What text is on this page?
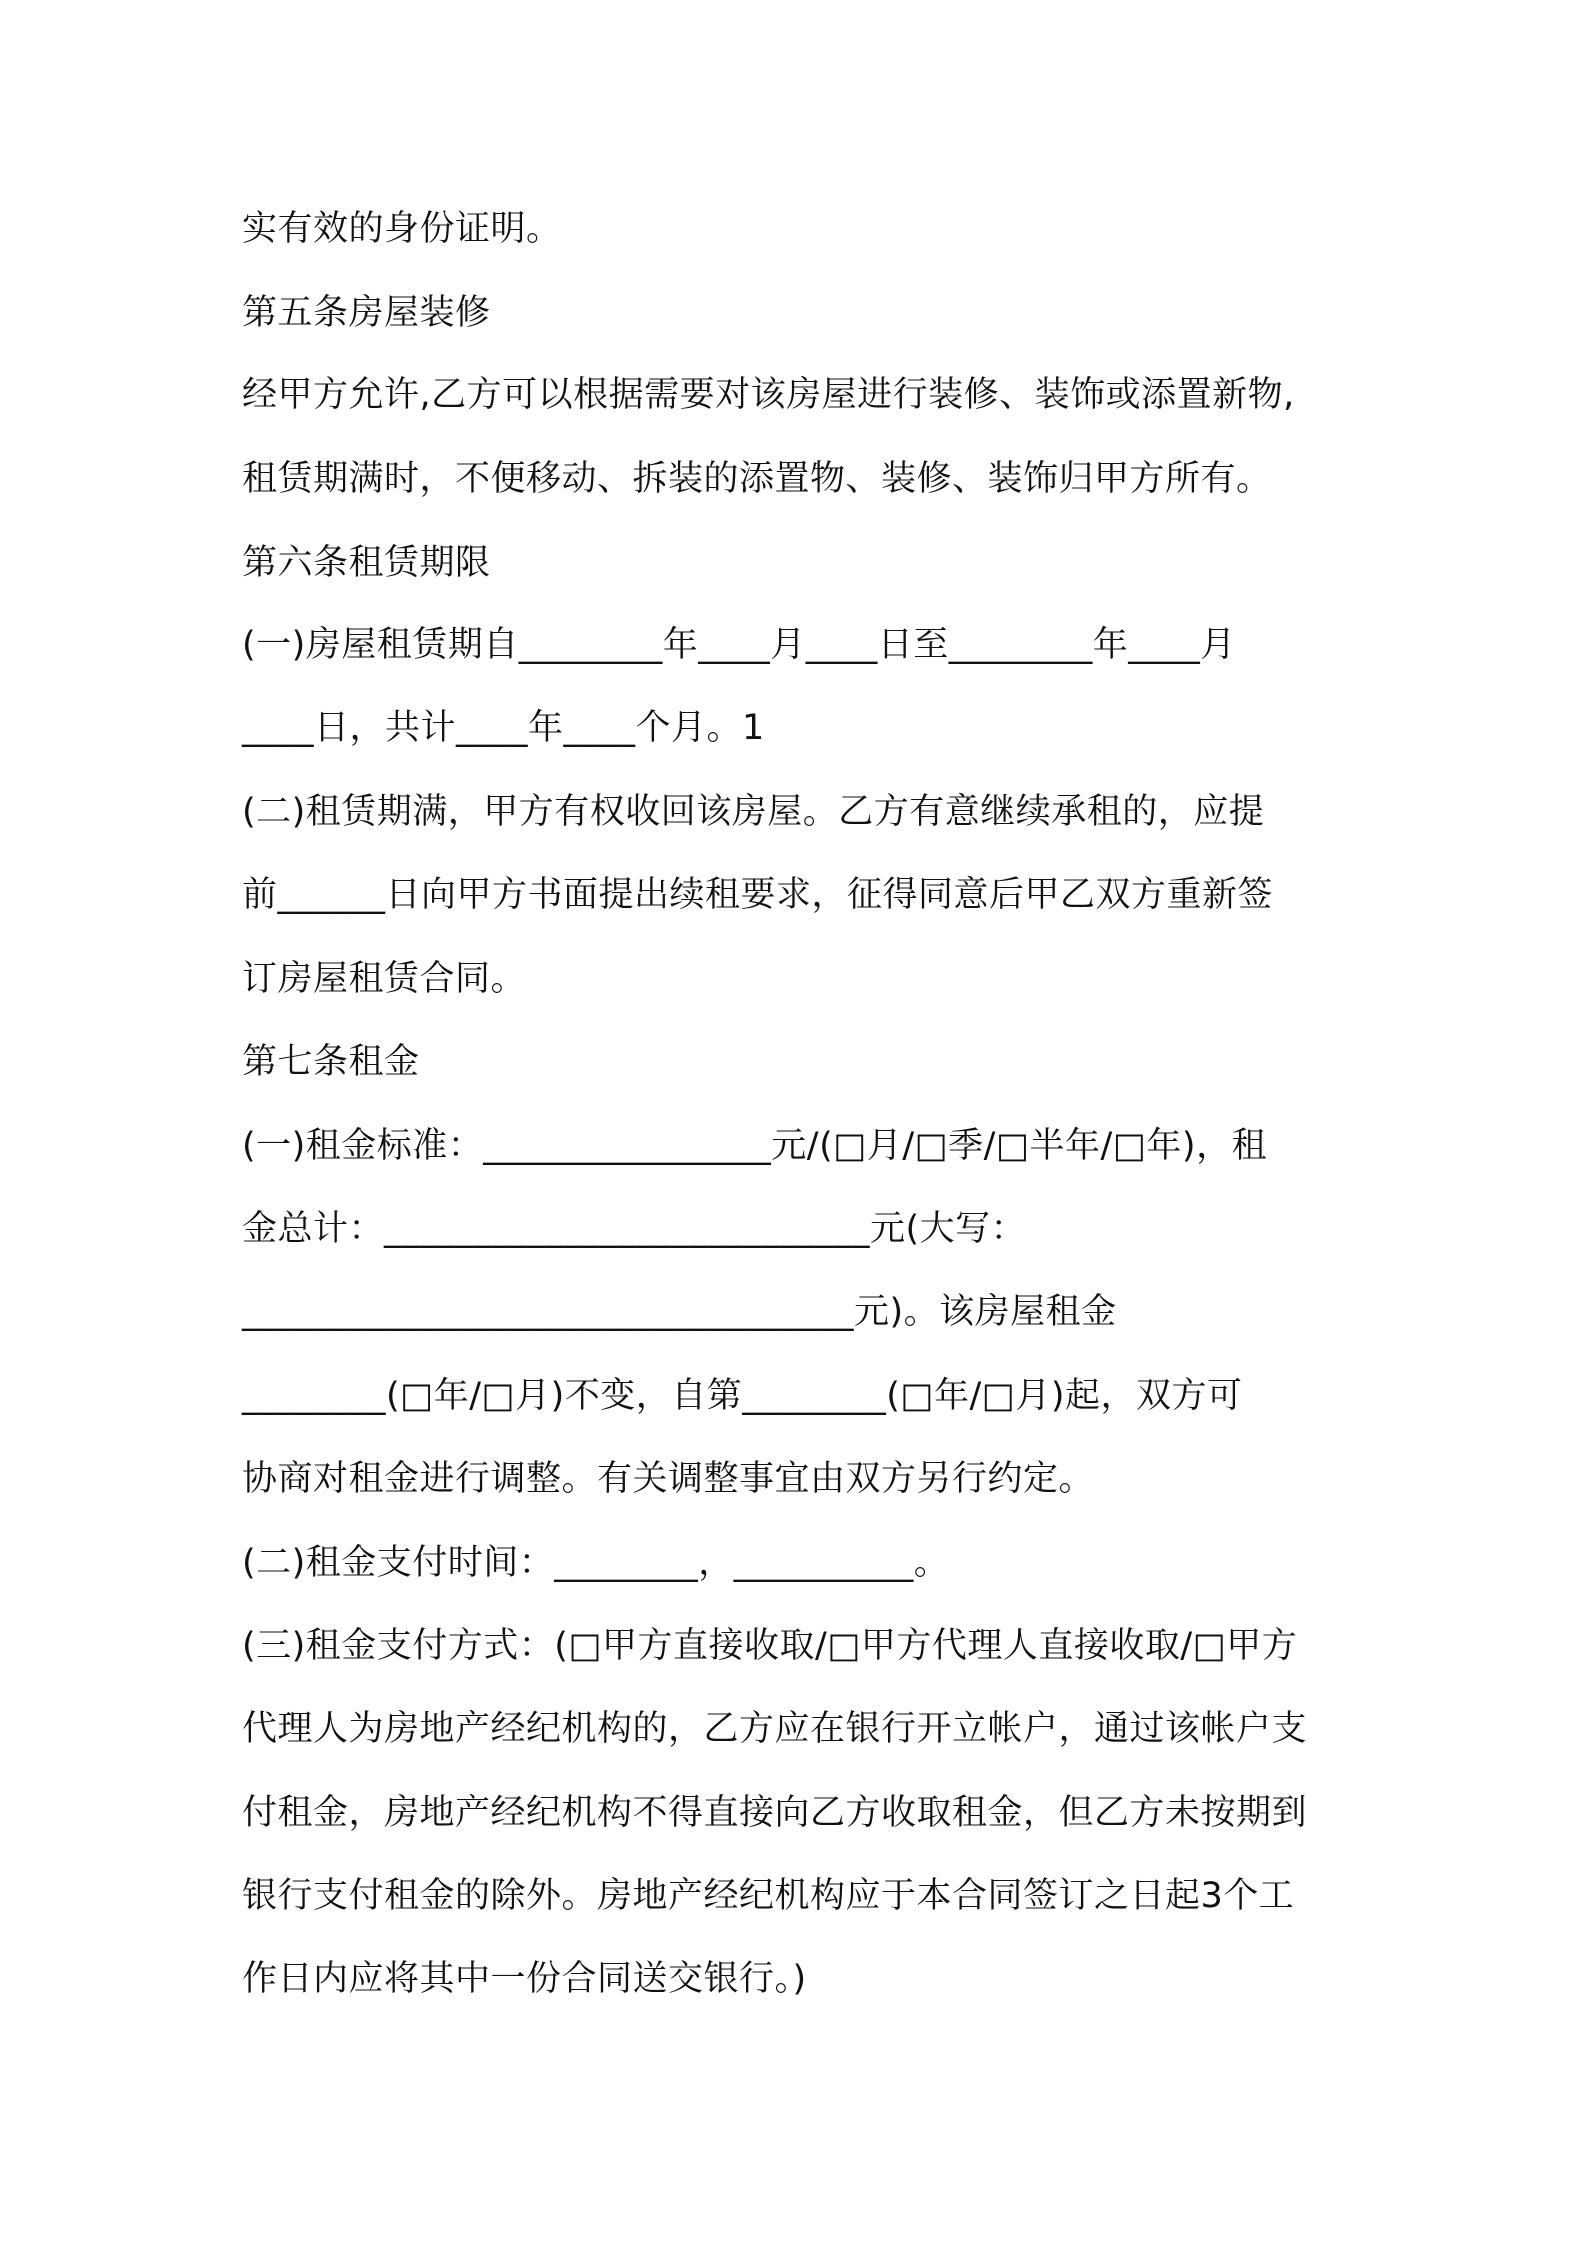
实有效的身份证明。
第五条房屋装修
经甲方允许,乙方可以根据需要对该房屋进行装修、装饰或添置新物,
租赁期满时，不便移动、拆装的添置物、装修、装饰归甲方所有。
第六条租赁期限
(一)房屋租赁期自________年____月____日至________年____月
____日，共计____年____个月。1
(二)租赁期满，甲方有权收回该房屋。乙方有意继续承租的，应提
前______日向甲方书面提出续租要求，征得同意后甲乙双方重新签
订房屋租赁合同。
第七条租金
(一)租金标准：________________元/(□月/□季/□半年/□年)，租
金总计：___________________________元(大写：
__________________________________元)。该房屋租金
________(□年/□月)不变，自第________(□年/□月)起，双方可
协商对租金进行调整。有关调整事宜由双方另行约定。
(二)租金支付时间：________，__________。
(三)租金支付方式：(□甲方直接收取/□甲方代理人直接收取/□甲方
代理人为房地产经纪机构的，乙方应在银行开立帐户，通过该帐户支
付租金，房地产经纪机构不得直接向乙方收取租金，但乙方未按期到
银行支付租金的除外。房地产经纪机构应于本合同签订之日起3个工
作日内应将其中一份合同送交银行。)
